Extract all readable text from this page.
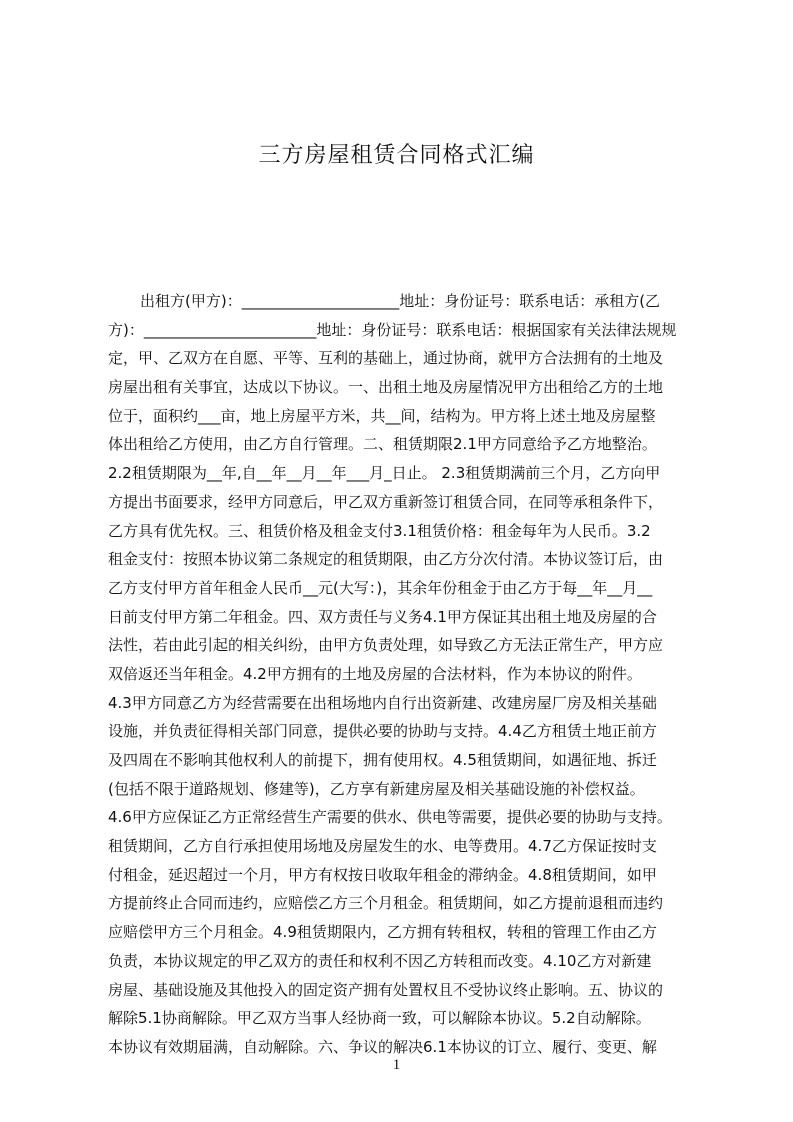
三方房屋租赁合同格式汇编
出租方(甲方)：_____________________地址：身份证号：联系电话：承租方(乙
方)：_______________________地址：身份证号：联系电话：根据国家有关法律法规规
定，甲、乙双方在自愿、平等、互利的基础上，通过协商，就甲方合法拥有的土地及
房屋出租有关事宜，达成以下协议。一、出租土地及房屋情况甲方出租给乙方的土地
位于，面积约___亩，地上房屋平方米，共__间，结构为。甲方将上述土地及房屋整
体出租给乙方使用，由乙方自行管理。二、租赁期限2.1甲方同意给予乙方地整治。
2.2租赁期限为__年,自__年__月__年___月_日止。 2.3租赁期满前三个月，乙方向甲
方提出书面要求，经甲方同意后，甲乙双方重新签订租赁合同，在同等承租条件下，
乙方具有优先权。三、租赁价格及租金支付3.1租赁价格：租金每年为人民币。3.2
租金支付：按照本协议第二条规定的租赁期限，由乙方分次付清。本协议签订后，由
乙方支付甲方首年租金人民币__元(大写：)，其余年份租金于由乙方于每__年__月__
日前支付甲方第二年租金。四、双方责任与义务4.1甲方保证其出租土地及房屋的合
法性，若由此引起的相关纠纷，由甲方负责处理，如导致乙方无法正常生产，甲方应
双倍返还当年租金。4.2甲方拥有的土地及房屋的合法材料，作为本协议的附件。
4.3甲方同意乙方为经营需要在出租场地内自行出资新建、改建房屋厂房及相关基础
设施，并负责征得相关部门同意，提供必要的协助与支持。4.4乙方租赁土地正前方
及四周在不影响其他权利人的前提下，拥有使用权。4.5租赁期间，如遇征地、拆迁
(包括不限于道路规划、修建等)，乙方享有新建房屋及相关基础设施的补偿权益。
4.6甲方应保证乙方正常经营生产需要的供水、供电等需要，提供必要的协助与支持。
租赁期间，乙方自行承担使用场地及房屋发生的水、电等费用。4.7乙方保证按时支
付租金，延迟超过一个月，甲方有权按日收取年租金的滞纳金。4.8租赁期间，如甲
方提前终止合同而违约，应赔偿乙方三个月租金。租赁期间，如乙方提前退租而违约
应赔偿甲方三个月租金。4.9租赁期限内，乙方拥有转租权，转租的管理工作由乙方
负责，本协议规定的甲乙双方的责任和权利不因乙方转租而改变。4.10乙方对新建
房屋、基础设施及其他投入的固定资产拥有处置权且不受协议终止影响。五、协议的
解除5.1协商解除。甲乙双方当事人经协商一致，可以解除本协议。5.2自动解除。
本协议有效期届满，自动解除。六、争议的解决6.1本协议的订立、履行、变更、解
1
